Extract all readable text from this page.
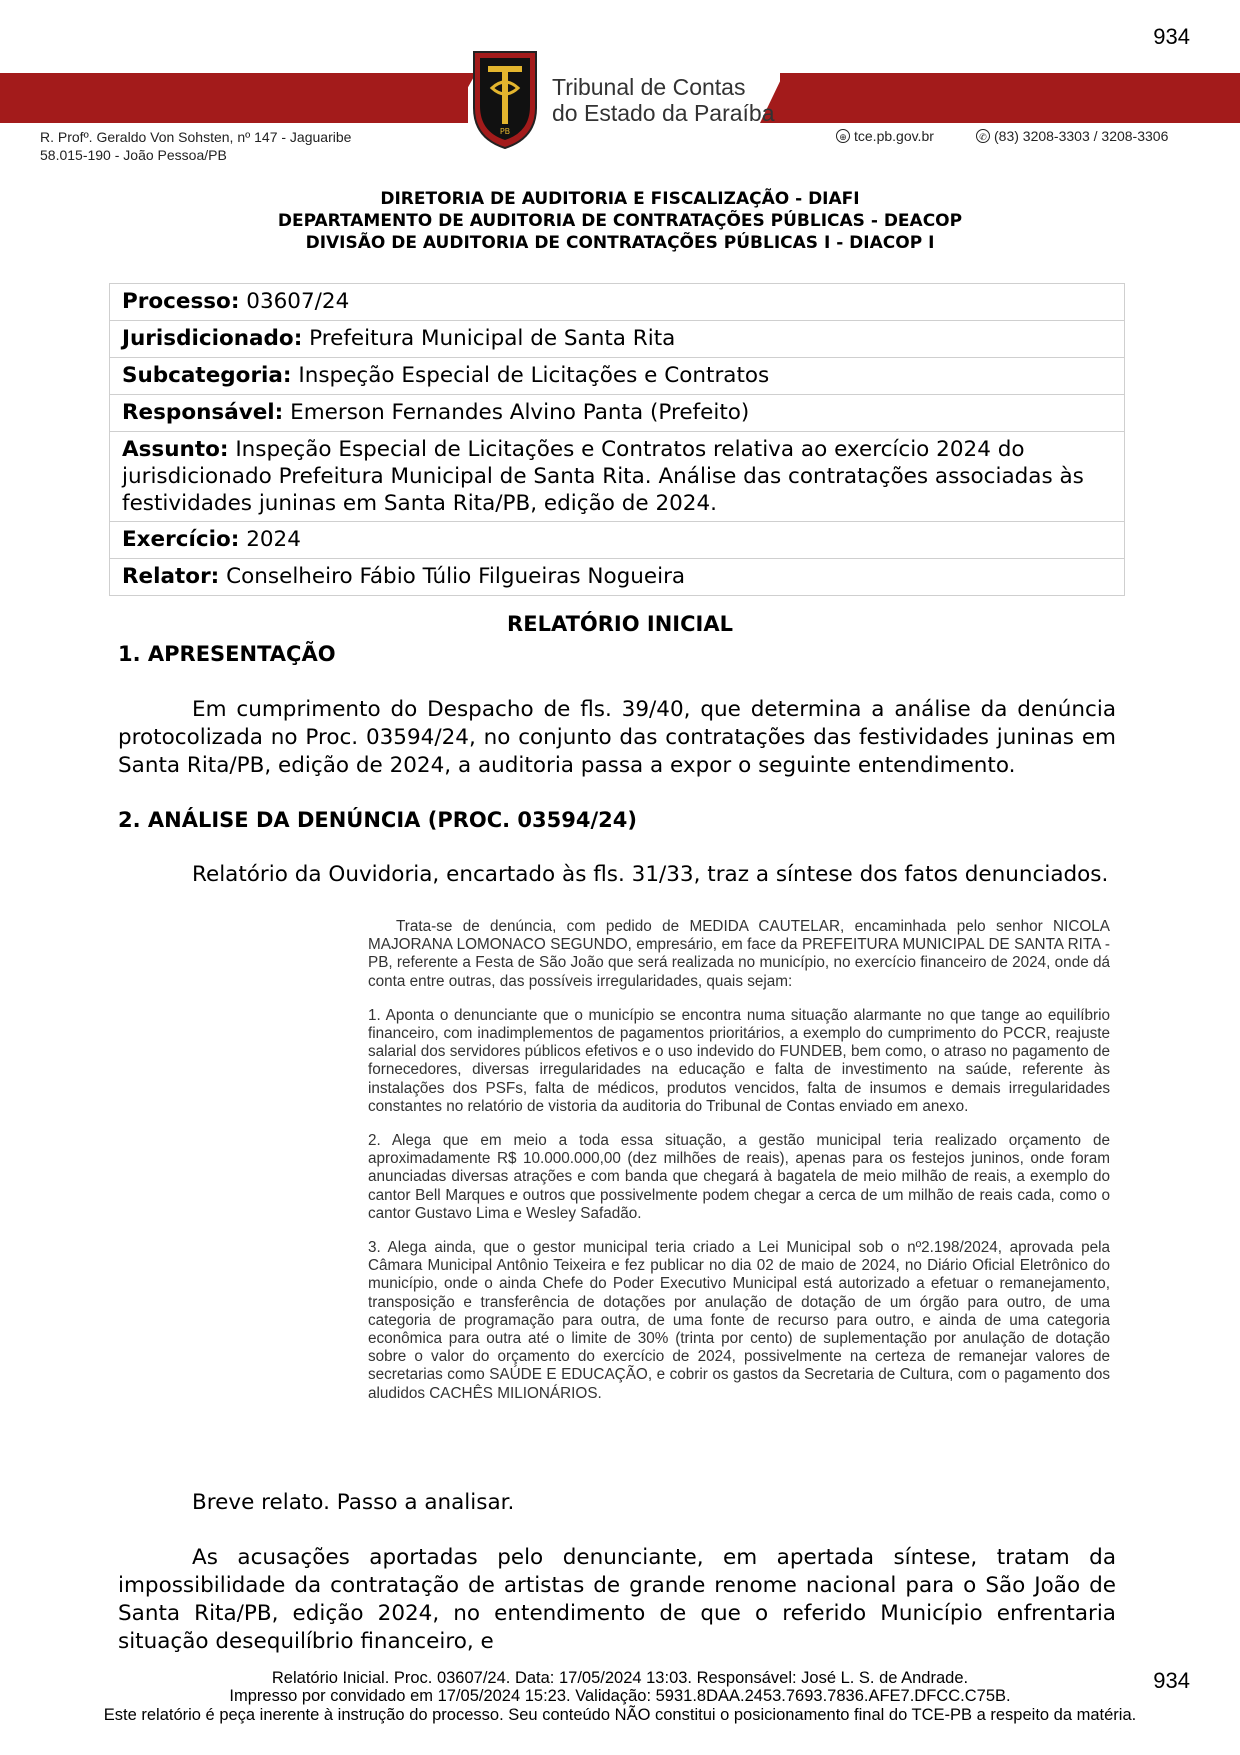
934
PB
Tribunal de Contas
do Estado da Paraíba
R. Profº. Geraldo Von Sohsten, nº 147 - Jaguaribe
58.015-190 - João Pessoa/PB
⊕ tce.pb.gov.br	✆ (83) 3208-3303 / 3208-3306
DIRETORIA DE AUDITORIA E FISCALIZAÇÃO - DIAFI
DEPARTAMENTO DE AUDITORIA DE CONTRATAÇÕES PÚBLICAS - DEACOP
DIVISÃO DE AUDITORIA DE CONTRATAÇÕES PÚBLICAS I - DIACOP I
Processo: 03607/24
Jurisdicionado: Prefeitura Municipal de Santa Rita
Subcategoria: Inspeção Especial de Licitações e Contratos
Responsável: Emerson Fernandes Alvino Panta (Prefeito)
Assunto: Inspeção Especial de Licitações e Contratos relativa ao exercício 2024 do jurisdicionado Prefeitura Municipal de Santa Rita. Análise das contratações associadas às festividades juninas em Santa Rita/PB, edição de 2024.
Exercício: 2024
Relator: Conselheiro Fábio Túlio Filgueiras Nogueira
RELATÓRIO INICIAL
1. APRESENTAÇÃO
Em cumprimento do Despacho de fls. 39/40, que determina a análise da denúncia protocolizada no Proc. 03594/24, no conjunto das contratações das festividades juninas em Santa Rita/PB, edição de 2024, a auditoria passa a expor o seguinte entendimento.
2. ANÁLISE DA DENÚNCIA (PROC. 03594/24)
Relatório da Ouvidoria, encartado às fls. 31/33, traz a síntese dos fatos denunciados.

Trata-se de denúncia, com pedido de MEDIDA CAUTELAR, encaminhada pelo senhor NICOLA MAJORANA LOMONACO SEGUNDO, empresário, em face da PREFEITURA MUNICIPAL DE SANTA RITA - PB, referente a Festa de São João que será realizada no município, no exercício financeiro de 2024, onde dá conta entre outras, das possíveis irregularidades, quais sejam:

1. Aponta o denunciante que o município se encontra numa situação alarmante no que tange ao equilíbrio financeiro, com inadimplementos de pagamentos prioritários, a exemplo do cumprimento do PCCR, reajuste salarial dos servidores públicos efetivos e o uso indevido do FUNDEB, bem como, o atraso no pagamento de fornecedores, diversas irregularidades na educação e falta de investimento na saúde, referente às instalações dos PSFs, falta de médicos, produtos vencidos, falta de insumos e demais irregularidades constantes no relatório de vistoria da auditoria do Tribunal de Contas enviado em anexo.

2. Alega que em meio a toda essa situação, a gestão municipal teria realizado orçamento de aproximadamente R$ 10.000.000,00 (dez milhões de reais), apenas para os festejos juninos, onde foram anunciadas diversas atrações e com banda que chegará à bagatela de meio milhão de reais, a exemplo do cantor Bell Marques e outros que possivelmente podem chegar a cerca de um milhão de reais cada, como o cantor Gustavo Lima e Wesley Safadão.

3. Alega ainda, que o gestor municipal teria criado a Lei Municipal sob o nº2.198/2024, aprovada pela Câmara Municipal Antônio Teixeira e fez publicar no dia 02 de maio de 2024, no Diário Oficial Eletrônico do município, onde o ainda Chefe do Poder Executivo Municipal está autorizado a efetuar o remanejamento, transposição e transferência de dotações por anulação de dotação de um órgão para outro, de uma categoria de programação para outra, de uma fonte de recurso para outro, e ainda de uma categoria econômica para outra até o limite de 30% (trinta por cento) de suplementação por anulação de dotação sobre o valor do orçamento do exercício de 2024, possivelmente na certeza de remanejar valores de secretarias como SAÚDE E EDUCAÇÃO, e cobrir os gastos da Secretaria de Cultura, com o pagamento dos aludidos CACHÊS MILIONÁRIOS.

Breve relato. Passo a analisar.
As acusações aportadas pelo denunciante, em apertada síntese, tratam da impossibilidade da contratação de artistas de grande renome nacional para o São João de Santa Rita/PB, edição 2024, no entendimento de que o referido Município enfrentaria situação desequilíbrio financeiro, e
Relatório Inicial. Proc. 03607/24. Data: 17/05/2024 13:03. Responsável: José L. S. de Andrade.
Impresso por convidado em 17/05/2024 15:23. Validação: 5931.8DAA.2453.7693.7836.AFE7.DFCC.C75B.
Este relatório é peça inerente à instrução do processo. Seu conteúdo NÃO constitui o posicionamento final do TCE-PB a respeito da matéria.
934
